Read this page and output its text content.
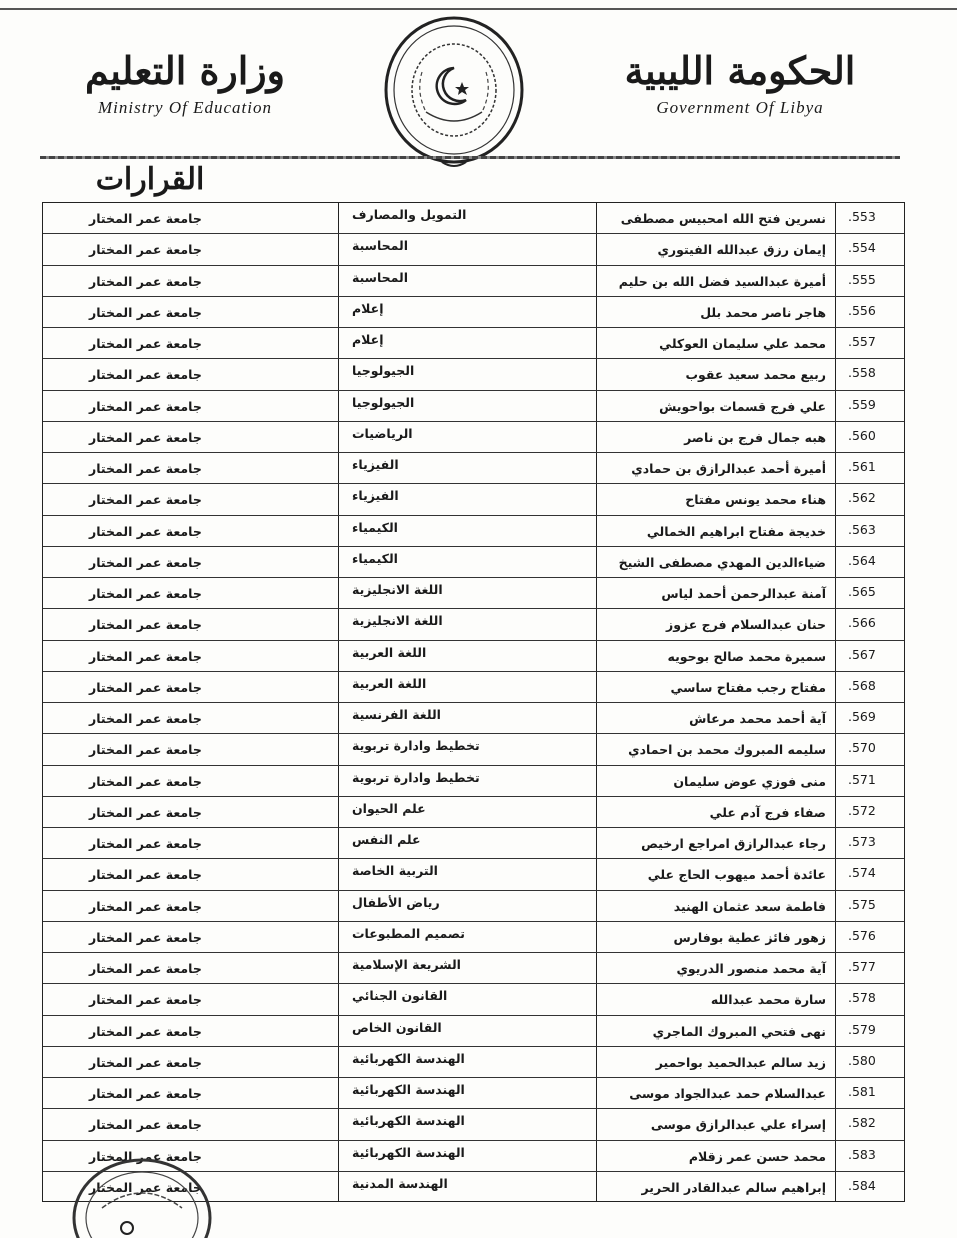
الحكومة الليبية
Government Of Libya
وزارة التعليم
Ministry Of Education
القرارات
.553
نسرين فتح الله امحبيس مصطفى
التمويل والمصارف
جامعة عمر المختار
.554
إيمان رزق عبدالله الفيتوري
المحاسبة
جامعة عمر المختار
.555
أميرة عبدالسيد فضل الله بن حليم
المحاسبة
جامعة عمر المختار
.556
هاجر ناصر محمد بلل
إعلام
جامعة عمر المختار
.557
محمد علي سليمان العوكلي
إعلام
جامعة عمر المختار
.558
ربيع محمد سعيد عقوب
الجيولوجيا
جامعة عمر المختار
.559
علي فرج قسمات بواحويش
الجيولوجيا
جامعة عمر المختار
.560
هبه جمال فرج بن ناصر
الرياضيات
جامعة عمر المختار
.561
أميرة أحمد عبدالرازق بن حمادي
الفيزياء
جامعة عمر المختار
.562
هناء محمد يونس مفتاح
الفيزياء
جامعة عمر المختار
.563
خديجة مفتاح ابراهيم الخمالي
الكيمياء
جامعة عمر المختار
.564
ضياءالدين المهدي مصطفى الشيخ
الكيمياء
جامعة عمر المختار
.565
آمنة عبدالرحمن أحمد لياس
اللغة الانجليزية
جامعة عمر المختار
.566
حنان عبدالسلام فرج عزوز
اللغة الانجليزية
جامعة عمر المختار
.567
سميرة محمد صالح بوحويه
اللغة العربية
جامعة عمر المختار
.568
مفتاح رجب مفتاح ساسي
اللغة العربية
جامعة عمر المختار
.569
آية أحمد محمد مرعاش
اللغة الفرنسية
جامعة عمر المختار
.570
سليمه المبروك محمد بن احمادي
تخطيط وادارة تربوية
جامعة عمر المختار
.571
منى فوزي عوض سليمان
تخطيط وادارة تربوية
جامعة عمر المختار
.572
صفاء فرج آدم علي
علم الحيوان
جامعة عمر المختار
.573
رجاء عبدالرازق امراجع ارخيص
علم النفس
جامعة عمر المختار
.574
عائدة أحمد ميهوب الحاج علي
التربية الخاصة
جامعة عمر المختار
.575
فاطمة سعد عثمان الهنيد
رياض الأطفال
جامعة عمر المختار
.576
زهور فائز عطية بوفارس
تصميم المطبوعات
جامعة عمر المختار
.577
آية محمد منصور الدريوي
الشريعة الإسلامية
جامعة عمر المختار
.578
سارة محمد عبدالله
القانون الجنائي
جامعة عمر المختار
.579
نهى فتحي المبروك الماجري
القانون الخاص
جامعة عمر المختار
.580
زيد سالم عبدالحميد بواحمير
الهندسة الكهربائية
جامعة عمر المختار
.581
عبدالسلام حمد عبدالجواد موسى
الهندسة الكهربائية
جامعة عمر المختار
.582
إسراء علي عبدالرازق موسى
الهندسة الكهربائية
جامعة عمر المختار
.583
محمد حسن عمر زقلام
الهندسة الكهربائية
جامعة عمر المختار
.584
إبراهيم سالم عبدالقادر الحرير
الهندسة المدنية
جامعة عمر المختار
